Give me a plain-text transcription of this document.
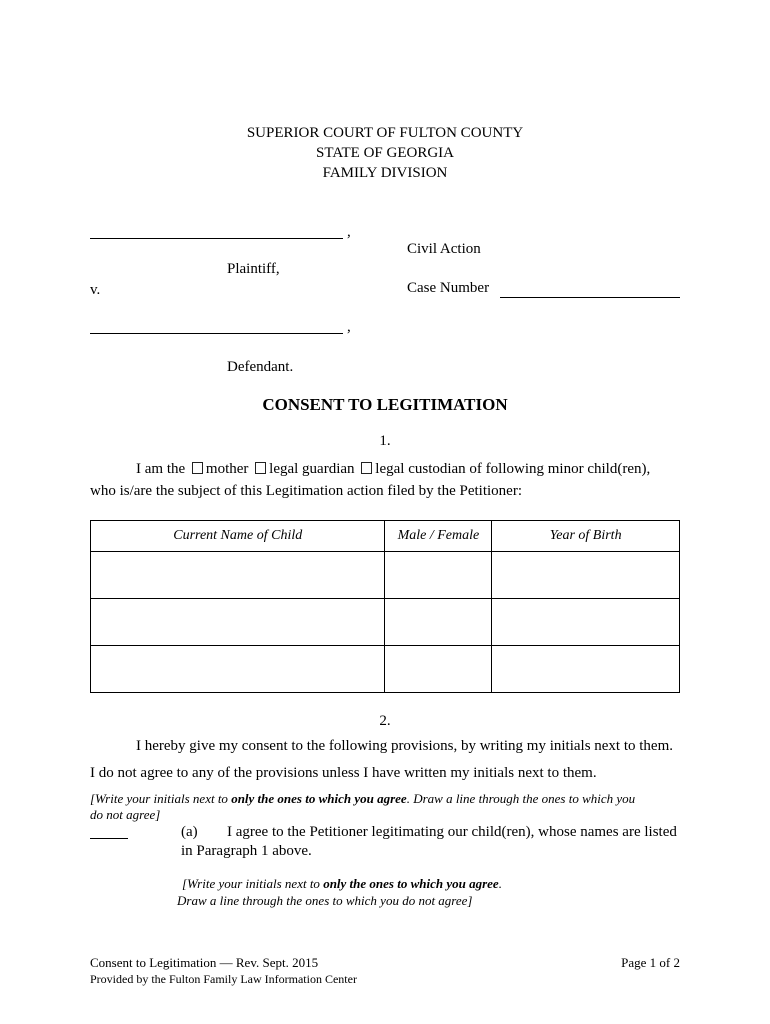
SUPERIOR COURT OF FULTON COUNTY
STATE OF GEORGIA
FAMILY DIVISION
,
Plaintiff,
v.
Civil Action
Case Number
,
Defendant.
CONSENT TO LEGITIMATION
1.
I am the mother legal guardian legal custodian of following minor child(ren),
who is/are the subject of this Legitimation action filed by the Petitioner:
Current Name of Child	Male / Female	Year of Birth

2.
I hereby give my consent to the following provisions, by writing my initials next to them.
I do not agree to any of the provisions unless I have written my initials next to them.
[Write your initials next to only the ones to which you agree. Draw a line through the ones to which you
do not agree]
(a) I agree to the Petitioner legitimating our child(ren), whose names are listed
in Paragraph 1 above.
[Write your initials next to only the ones to which you agree.
Draw a line through the ones to which you do not agree]
Consent to Legitimation — Rev. Sept. 2015
Provided by the Fulton Family Law Information Center
Page 1 of 2
